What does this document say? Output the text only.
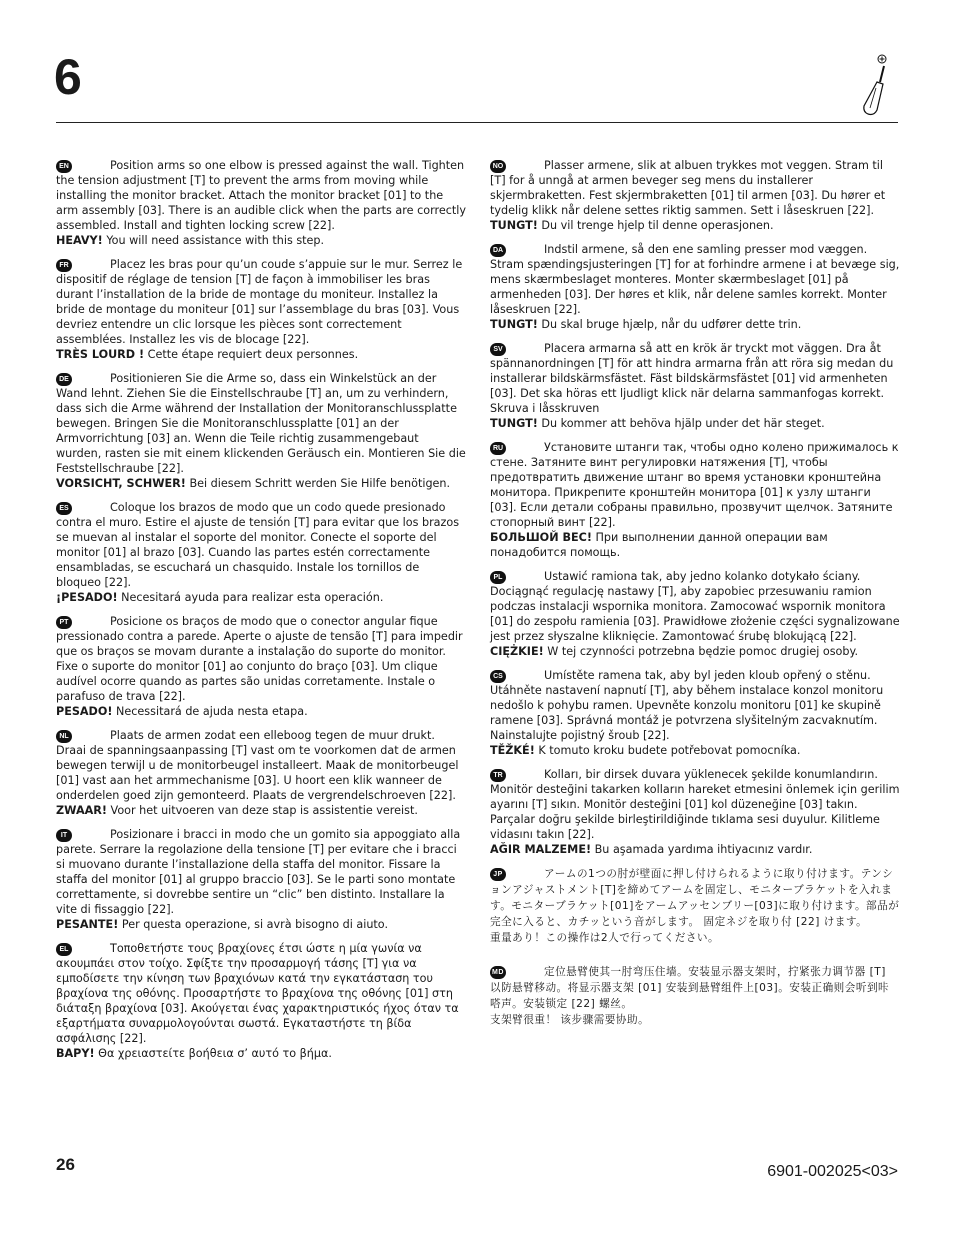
6

EN	Position arms so one elbow is pressed against the wall. Tighten the tension adjustment [T] to prevent the arms from moving while installing the monitor bracket. Attach the monitor bracket [01] to the arm assembly [03]. There is an audible click when the parts are correctly assembled. Install and tighten locking screw [22].
HEAVY! You will need assistance with this step.

FR	Placez les bras pour qu’un coude s’appuie sur le mur. Serrez le dispositif de réglage de tension [T] de façon à immobiliser les bras durant l’installation de la bride de montage du moniteur. Installez la bride de montage du moniteur [01] sur l’assemblage du bras [03]. Vous devriez entendre un clic lorsque les pièces sont correctement assemblées. Installez les vis de blocage [22].
TRÈS LOURD ! Cette étape requiert deux personnes.

DE	Positionieren Sie die Arme so, dass ein Winkelstück an der Wand lehnt. Ziehen Sie die Einstellschraube [T] an, um zu verhindern, dass sich die Arme während der Installation der Monitoranschlussplatte bewegen. Bringen Sie die Monitoranschlussplatte [01] an der Armvorrichtung [03] an. Wenn die Teile richtig zusammengebaut wurden, rasten sie mit einem klickenden Geräusch ein. Montieren Sie die Feststellschraube [22].
VORSICHT, SCHWER! Bei diesem Schritt werden Sie Hilfe benötigen.

ES	Coloque los brazos de modo que un codo quede presionado contra el muro. Estire el ajuste de tensión [T] para evitar que los brazos se muevan al instalar el soporte del monitor. Conecte el soporte del monitor [01] al brazo [03]. Cuando las partes estén correctamente ensambladas, se escuchará un chasquido. Instale los tornillos de bloqueo [22].
¡PESADO! Necesitará ayuda para realizar esta operación.

PT	Posicione os braços de modo que o conector angular fique pressionado contra a parede. Aperte o ajuste de tensão [T] para impedir que os braços se movam durante a instalação do suporte do monitor. Fixe o suporte do monitor [01] ao conjunto do braço [03]. Um clique audível ocorre quando as partes são unidas corretamente. Instale o parafuso de trava [22].
PESADO! Necessitará de ajuda nesta etapa.

NL	Plaats de armen zodat een elleboog tegen de muur drukt. Draai de spanningsaanpassing [T] vast om te voorkomen dat de armen bewegen terwijl u de monitorbeugel installeert. Maak de monitorbeugel [01] vast aan het armmechanisme [03]. U hoort een klik wanneer de onderdelen goed zijn gemonteerd. Plaats de vergrendelschroeven [22].
ZWAAR! Voor het uitvoeren van deze stap is assistentie vereist.

IT	Posizionare i bracci in modo che un gomito sia appoggiato alla parete. Serrare la regolazione della tensione [T] per evitare che i bracci si muovano durante l’installazione della staffa del monitor. Fissare la staffa del monitor [01] al gruppo braccio [03]. Se le parti sono montate correttamente, si dovrebbe sentire un “clic” ben distinto. Installare la vite di fissaggio [22].
PESANTE! Per questa operazione, si avrà bisogno di aiuto.

EL	Τοποθετήστε τους βραχίονες έτσι ώστε η μία γωνία να ακουμπάει στον τοίχο. Σφίξτε την προσαρμογή τάσης [T] για να εμποδίσετε την κίνηση των βραχιόνων κατά την εγκατάσταση του βραχίονα της οθόνης. Προσαρτήστε το βραχίονα της οθόνης [01] στη διάταξη βραχίονα [03]. Ακούγεται ένας χαρακτηριστικός ήχος όταν τα εξαρτήματα συναρμολογούνται σωστά. Εγκαταστήστε τη βίδα ασφάλισης [22].
ΒΑΡΥ! Θα χρειαστείτε βοήθεια σ’ αυτό το βήμα.

NO	Plasser armene, slik at albuen trykkes mot veggen. Stram til [T] for å unngå at armen beveger seg mens du installerer skjermbraketten. Fest skjermbraketten [01] til armen [03]. Du hører et tydelig klikk når delene settes riktig sammen. Sett i låseskruen [22].
TUNGT! Du vil trenge hjelp til denne operasjonen.

DA	Indstil armene, så den ene samling presser mod væggen. Stram spændingsjusteringen [T] for at forhindre armene i at bevæge sig, mens skærmbeslaget monteres. Monter skærmbeslaget [01] på armenheden [03]. Der høres et klik, når delene samles korrekt. Monter låseskruen [22].
TUNGT! Du skal bruge hjælp, når du udfører dette trin.

SV	Placera armarna så att en krök är tryckt mot väggen. Dra åt spännanordningen [T] för att hindra armarna från att röra sig medan du installerar bildskärmsfästet. Fäst bildskärmsfästet [01] vid armenheten [03]. Det ska höras ett ljudligt klick när delarna sammanfogas korrekt. Skruva i låsskruven
TUNGT! Du kommer att behöva hjälp under det här steget.

RU	Установите штанги так, чтобы одно колено прижималось к стене. Затяните винт регулировки натяжения [T], чтобы предотвратить движение штанг во время установки кронштейна монитора. Прикрепите кронштейн монитора [01] к узлу штанги [03]. Если детали собраны правильно, прозвучит щелчок. Затяните стопорный винт [22].
БОЛЬШОЙ ВЕС! При выполнении данной операции вам понадобится помощь.

PL	Ustawić ramiona tak, aby jedno kolanko dotykało ściany. Dociągnąć regulację nastawy [T], aby zapobiec przesuwaniu ramion podczas instalacji wspornika monitora. Zamocować wspornik monitora [01] do zespołu ramienia [03]. Prawidłowe złożenie części sygnalizowane jest przez słyszalne kliknięcie. Zamontować śrubę blokującą [22].
CIĘŻKIE! W tej czynności potrzebna będzie pomoc drugiej osoby.

CS	Umístěte ramena tak, aby byl jeden kloub opřený o stěnu. Utáhněte nastavení napnutí [T], aby během instalace konzol monitoru nedošlo k pohybu ramen. Upevněte konzolu monitoru [01] ke skupině ramene [03]. Správná montáž je potvrzena slyšitelným zacvaknutím. Nainstalujte pojistný šroub [22].
TĚŽKÉ! K tomuto kroku budete potřebovat pomocníka.

TR	Kolları, bir dirsek duvara yüklenecek şekilde konumlandırın. Monitör desteğini takarken kolların hareket etmesini önlemek için gerilim ayarını [T] sıkın. Monitör desteğini [01] kol düzeneğine [03] takın. Parçalar doğru şekilde birleştirildiğinde tıklama sesi duyulur. Kilitleme vidasını takın [22].
AĞIR MALZEME! Bu aşamada yardıma ihtiyacınız vardır.

JP	アームの1つの肘が壁面に押し付けられるように取り付けます。テンションアジャストメント[T]を締めてアームを固定し、モニターブラケットを入れます。モニターブラケット[01]をアームアッセンブリー[03]に取り付けます。部品が完全に入ると、カチッという音がします。 固定ネジを取り付 [22] けます。
重量あり！この操作は2人で行ってください。

MD	定位悬臂使其一肘弯压住墙。安装显示器支架时，拧紧张力调节器 [T] 以防悬臂移动。将显示器支架 [01] 安装到悬臂组件上[03]。安装正确则会听到咔嗒声。安装锁定 [22] 螺丝。
支架臂很重！ 该步骤需要协助。

26	6901-002025<03>
